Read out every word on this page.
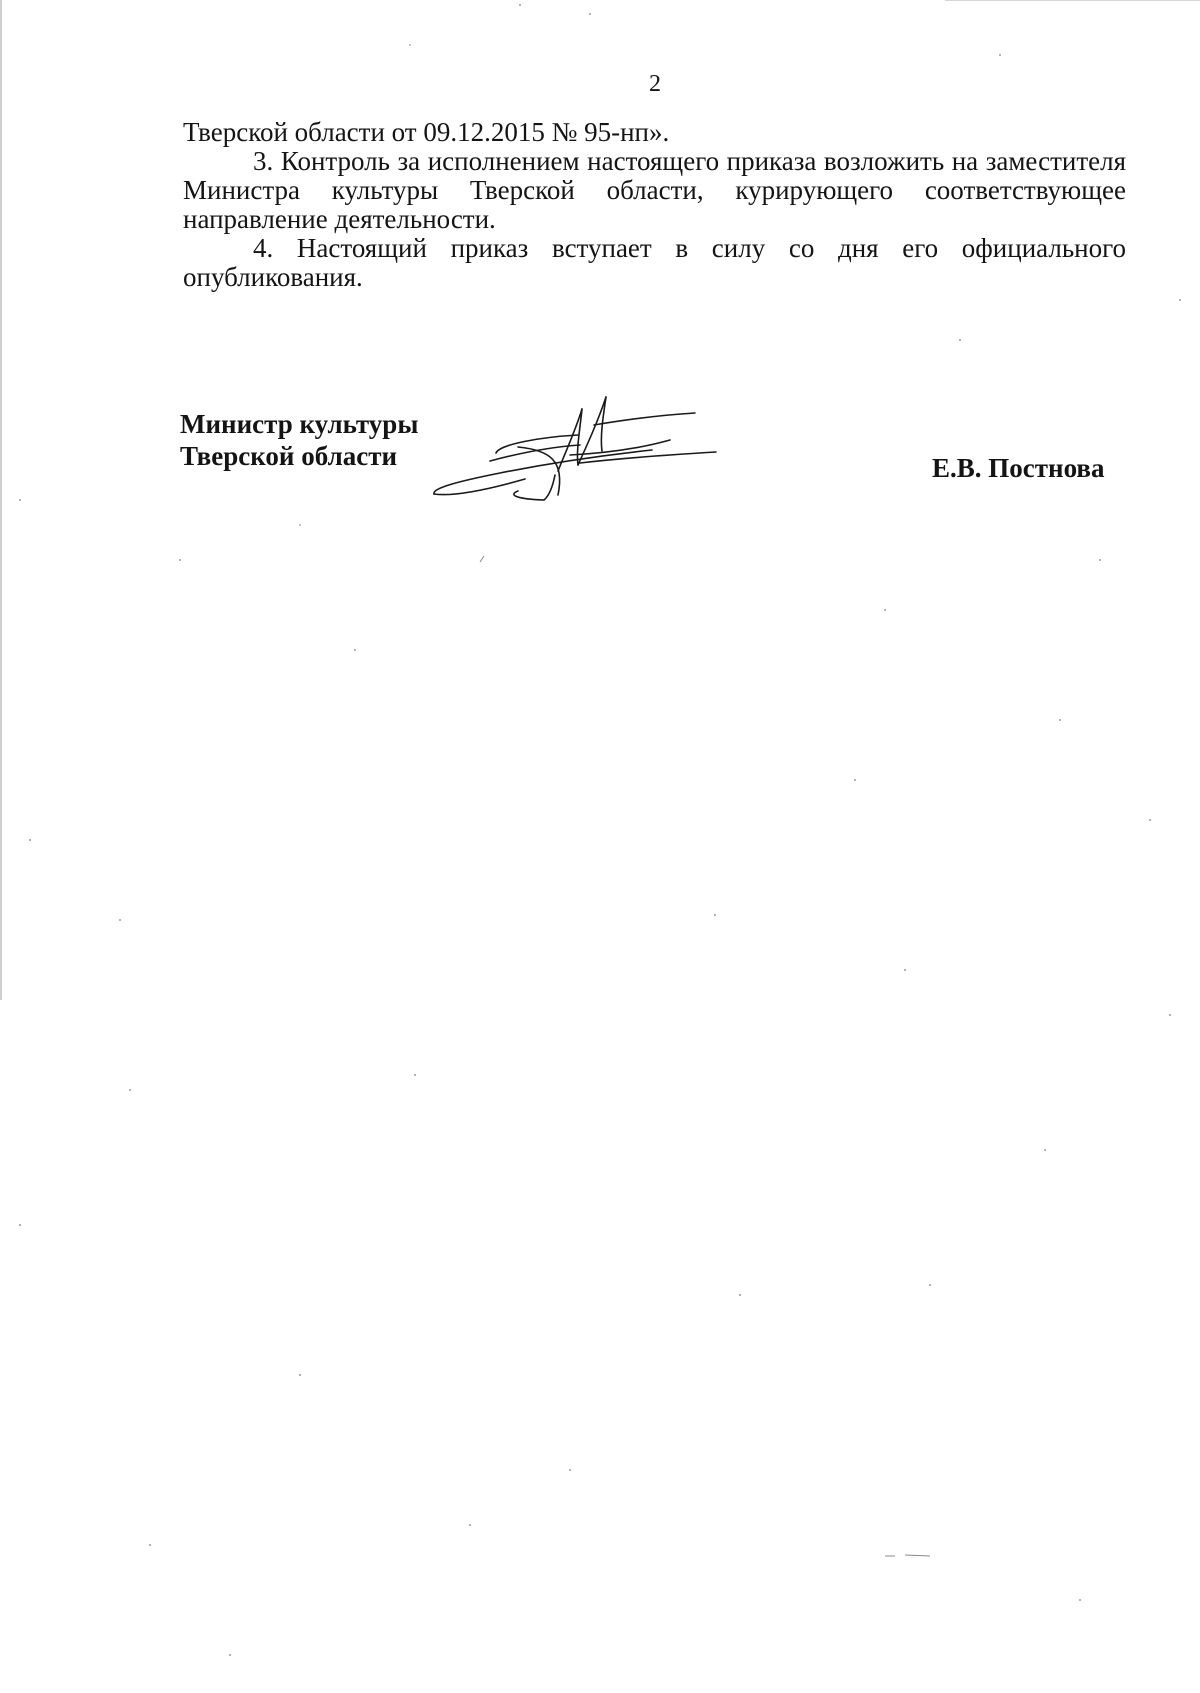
2

Тверской области от 09.12.2015 № 95-нп».

3. Контроль за исполнением настоящего приказа возложить на заместителя Министра культуры Тверской области, курирующего соответствующее направление деятельности.

4. Настоящий приказ вступает в силу со дня его официального опубликования.

Министр культуры
Тверской области	Е.В. Постнова
